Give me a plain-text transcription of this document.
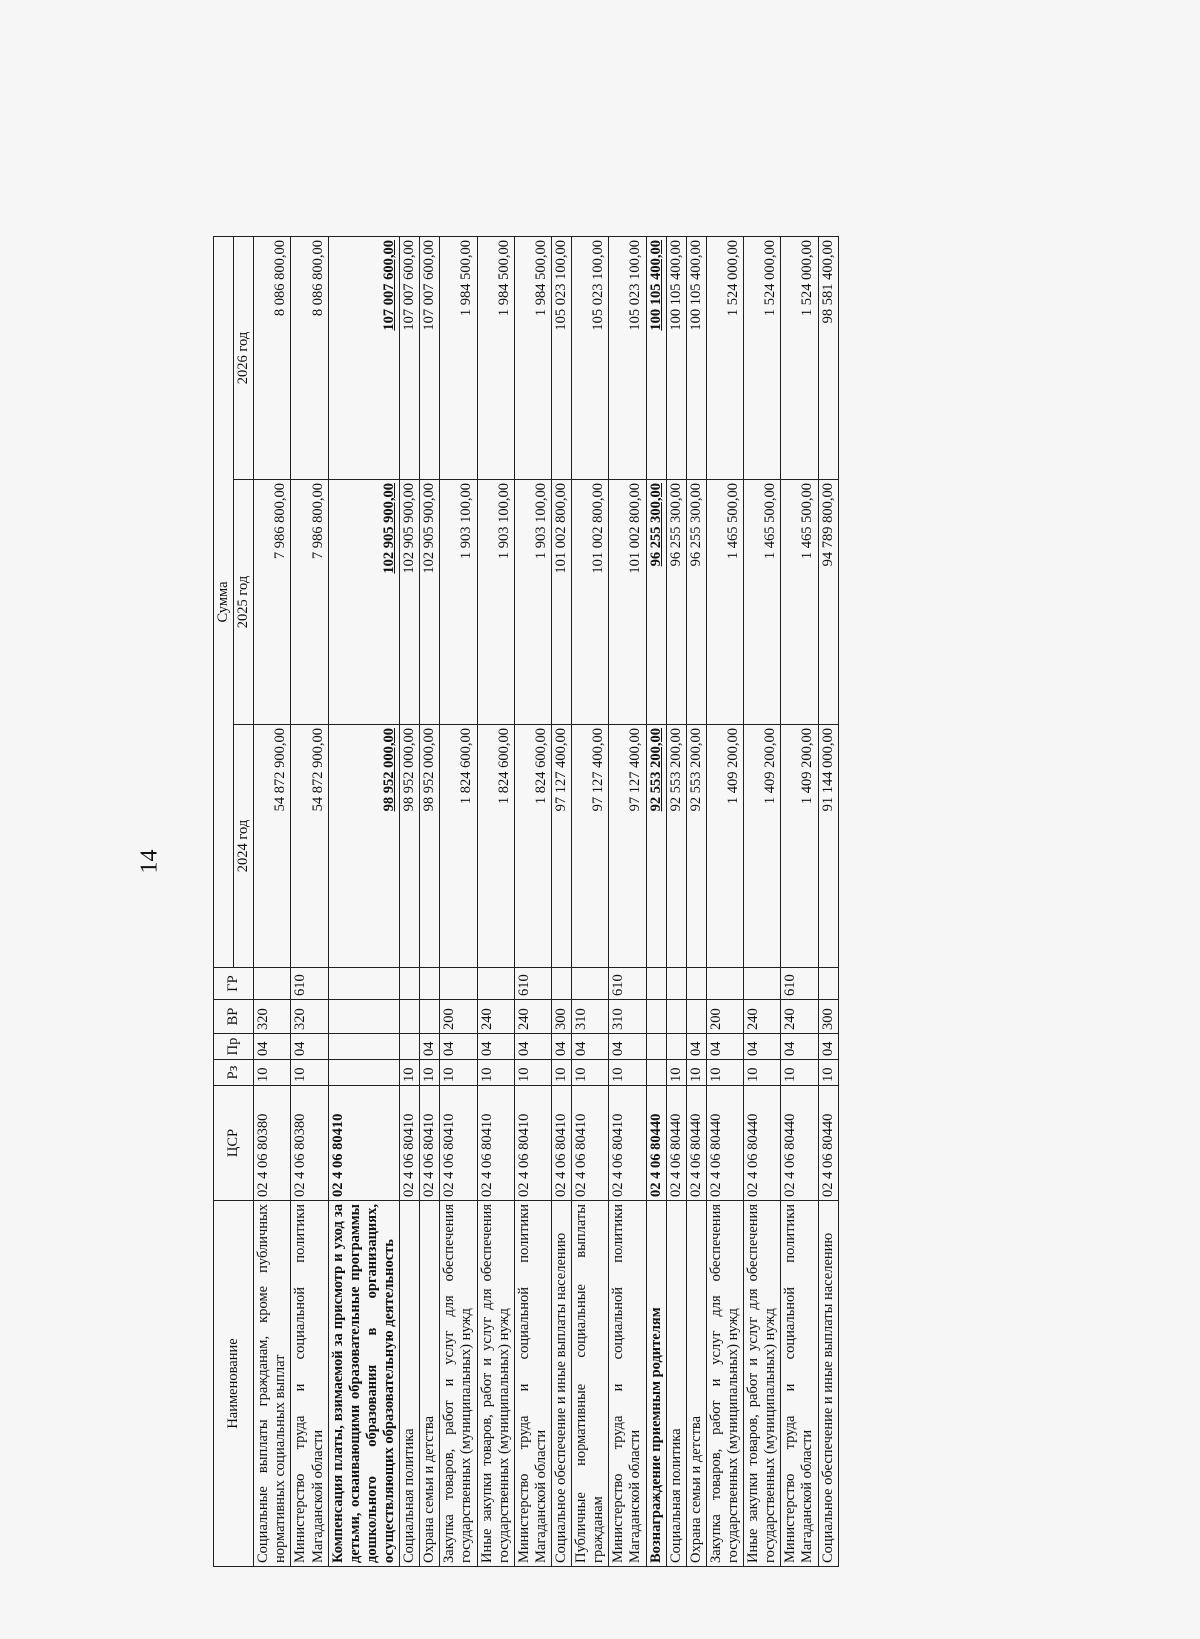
14
Наименование	ЦСР	Рз	Пр	ВР	ГР	Сумма		
						2024 год	2025 год	2026 год
Социальные выплаты гражданам, кроме публичных нормативных социальных выплат	02 4 06 80380	10	04	320		54 872 900,00	7 986 800,00	8 086 800,00
Министерство труда и социальной политики Магаданской области	02 4 06 80380	10	04	320	610	54 872 900,00	7 986 800,00	8 086 800,00
Компенсация платы, взимаемой за присмотр и уход за детьми, осваивающими образовательные программы дошкольного образования в организациях, осуществляющих образовательную деятельность	02 4 06 80410					98 952 000,00	102 905 900,00	107 007 600,00
Социальная политика	02 4 06 80410	10				98 952 000,00	102 905 900,00	107 007 600,00
Охрана семьи и детства	02 4 06 80410	10	04			98 952 000,00	102 905 900,00	107 007 600,00
Закупка товаров, работ и услуг для обеспечения государственных (муниципальных) нужд	02 4 06 80410	10	04	200		1 824 600,00	1 903 100,00	1 984 500,00
Иные закупки товаров, работ и услуг для обеспечения государственных (муниципальных) нужд	02 4 06 80410	10	04	240		1 824 600,00	1 903 100,00	1 984 500,00
Министерство труда и социальной политики Магаданской области	02 4 06 80410	10	04	240	610	1 824 600,00	1 903 100,00	1 984 500,00
Социальное обеспечение и иные выплаты населению	02 4 06 80410	10	04	300		97 127 400,00	101 002 800,00	105 023 100,00
Публичные нормативные социальные выплаты гражданам	02 4 06 80410	10	04	310		97 127 400,00	101 002 800,00	105 023 100,00
Министерство труда и социальной политики Магаданской области	02 4 06 80410	10	04	310	610	97 127 400,00	101 002 800,00	105 023 100,00
Вознаграждение приемным родителям	02 4 06 80440					92 553 200,00	96 255 300,00	100 105 400,00
Социальная политика	02 4 06 80440	10				92 553 200,00	96 255 300,00	100 105 400,00
Охрана семьи и детства	02 4 06 80440	10	04			92 553 200,00	96 255 300,00	100 105 400,00
Закупка товаров, работ и услуг для обеспечения государственных (муниципальных) нужд	02 4 06 80440	10	04	200		1 409 200,00	1 465 500,00	1 524 000,00
Иные закупки товаров, работ и услуг для обеспечения государственных (муниципальных) нужд	02 4 06 80440	10	04	240		1 409 200,00	1 465 500,00	1 524 000,00
Министерство труда и социальной политики Магаданской области	02 4 06 80440	10	04	240	610	1 409 200,00	1 465 500,00	1 524 000,00
Социальное обеспечение и иные выплаты населению	02 4 06 80440	10	04	300		91 144 000,00	94 789 800,00	98 581 400,00
